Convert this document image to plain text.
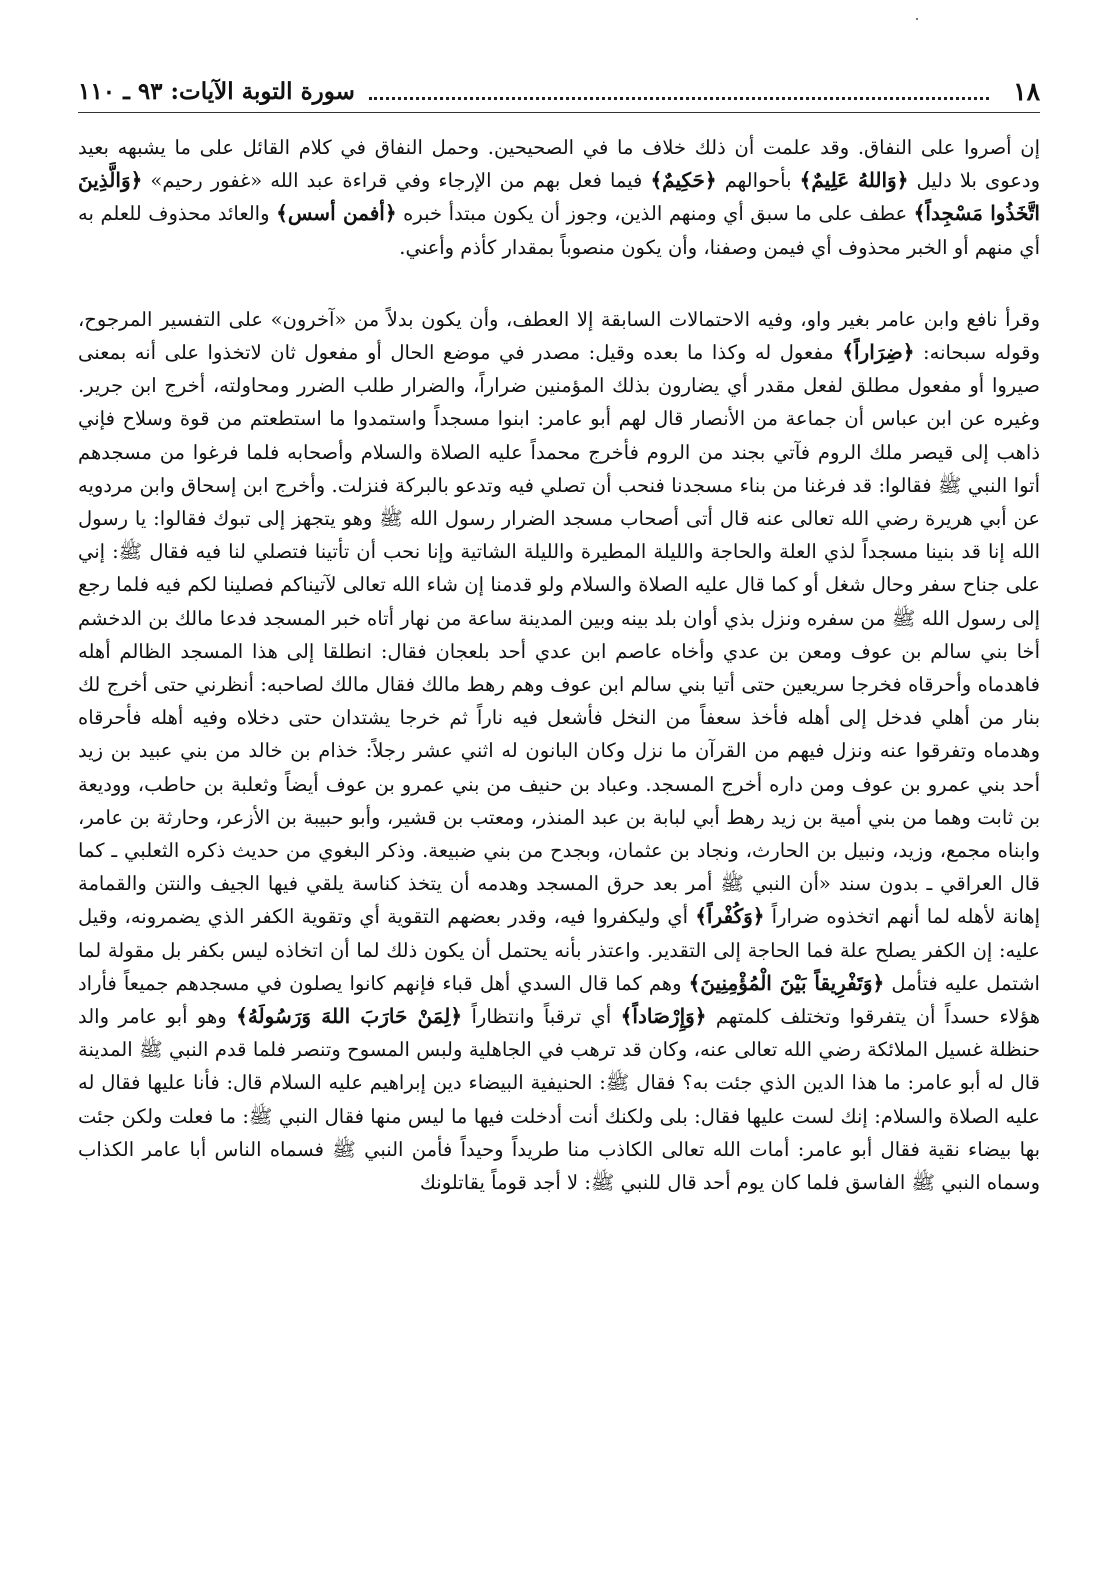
١٨
سورة التوبة الآيات: ٩٣ ـ ١١٠

إن أصروا على النفاق. وقد علمت أن ذلك خلاف ما في الصحيحين. وحمل النفاق في كلام القائل على ما يشبهه بعيد ودعوى بلا دليل ﴿وَاللهُ عَلِيمٌ﴾ بأحوالهم ﴿حَكِيمٌ﴾ فيما فعل بهم من الإرجاء وفي قراءة عبد الله «غفور رحيم» ﴿وَالَّذِينَ اتَّخَذُوا مَسْجِداً﴾ عطف على ما سبق أي ومنهم الذين، وجوز أن يكون مبتدأ خبره ﴿أفمن أسس﴾ والعائد محذوف للعلم به أي منهم أو الخبر محذوف أي فيمن وصفنا، وأن يكون منصوباً بمقدار كأذم وأعني.

وقرأ نافع وابن عامر بغير واو، وفيه الاحتمالات السابقة إلا العطف، وأن يكون بدلاً من «آخرون» على التفسير المرجوح، وقوله سبحانه: ﴿ضِرَاراً﴾ مفعول له وكذا ما بعده وقيل: مصدر في موضع الحال أو مفعول ثان لاتخذوا على أنه بمعنى صيروا أو مفعول مطلق لفعل مقدر أي يضارون بذلك المؤمنين ضراراً، والضرار طلب الضرر ومحاولته، أخرج ابن جرير. وغيره عن ابن عباس أن جماعة من الأنصار قال لهم أبو عامر: ابنوا مسجداً واستمدوا ما استطعتم من قوة وسلاح فإني ذاهب إلى قيصر ملك الروم فآتي بجند من الروم فأخرج محمداً عليه الصلاة والسلام وأصحابه فلما فرغوا من مسجدهم أتوا النبي ﷺ فقالوا: قد فرغنا من بناء مسجدنا فنحب أن تصلي فيه وتدعو بالبركة فنزلت. وأخرج ابن إسحاق وابن مردويه عن أبي هريرة رضي الله تعالى عنه قال أتى أصحاب مسجد الضرار رسول الله ﷺ وهو يتجهز إلى تبوك فقالوا: يا رسول الله إنا قد بنينا مسجداً لذي العلة والحاجة والليلة المطيرة والليلة الشاتية وإنا نحب أن تأتينا فتصلي لنا فيه فقال ﷺ: إني على جناح سفر وحال شغل أو كما قال عليه الصلاة والسلام ولو قدمنا إن شاء الله تعالى لآتيناكم فصلينا لكم فيه فلما رجع إلى رسول الله ﷺ من سفره ونزل بذي أوان بلد بينه وبين المدينة ساعة من نهار أتاه خبر المسجد فدعا مالك بن الدخشم أخا بني سالم بن عوف ومعن بن عدي وأخاه عاصم ابن عدي أحد بلعجان فقال: انطلقا إلى هذا المسجد الظالم أهله فاهدماه وأحرقاه فخرجا سريعين حتى أتيا بني سالم ابن عوف وهم رهط مالك فقال مالك لصاحبه: أنظرني حتى أخرج لك بنار من أهلي فدخل إلى أهله فأخذ سعفاً من النخل فأشعل فيه ناراً ثم خرجا يشتدان حتى دخلاه وفيه أهله فأحرقاه وهدماه وتفرقوا عنه ونزل فيهم من القرآن ما نزل وكان البانون له اثني عشر رجلاً: خذام بن خالد من بني عبيد بن زيد أحد بني عمرو بن عوف ومن داره أخرج المسجد. وعباد بن حنيف من بني عمرو بن عوف أيضاً وثعلبة بن حاطب، ووديعة بن ثابت وهما من بني أمية بن زيد رهط أبي لبابة بن عبد المنذر، ومعتب بن قشير، وأبو حبيبة بن الأزعر، وحارثة بن عامر، وابناه مجمع، وزيد، ونبيل بن الحارث، ونجاد بن عثمان، وبجدح من بني ضبيعة. وذكر البغوي من حديث ذكره الثعلبي ـ كما قال العراقي ـ بدون سند «أن النبي ﷺ أمر بعد حرق المسجد وهدمه أن يتخذ كناسة يلقي فيها الجيف والنتن والقمامة إهانة لأهله لما أنهم اتخذوه ضراراً ﴿وَكُفْراً﴾ أي وليكفروا فيه، وقدر بعضهم التقوية أي وتقوية الكفر الذي يضمرونه، وقيل عليه: إن الكفر يصلح علة فما الحاجة إلى التقدير. واعتذر بأنه يحتمل أن يكون ذلك لما أن اتخاذه ليس بكفر بل مقولة لما اشتمل عليه فتأمل ﴿وَتَفْرِيقاً بَيْنَ الْمُؤْمِنِينَ﴾ وهم كما قال السدي أهل قباء فإنهم كانوا يصلون في مسجدهم جميعاً فأراد هؤلاء حسداً أن يتفرقوا وتختلف كلمتهم ﴿وَإِرْصَاداً﴾ أي ترقباً وانتظاراً ﴿لِمَنْ حَارَبَ اللهَ وَرَسُولَهُ﴾ وهو أبو عامر والد حنظلة غسيل الملائكة رضي الله تعالى عنه، وكان قد ترهب في الجاهلية ولبس المسوح وتنصر فلما قدم النبي ﷺ المدينة قال له أبو عامر: ما هذا الدين الذي جئت به؟ فقال ﷺ: الحنيفية البيضاء دين إبراهيم عليه السلام قال: فأنا عليها فقال له عليه الصلاة والسلام: إنك لست عليها فقال: بلى ولكنك أنت أدخلت فيها ما ليس منها فقال النبي ﷺ: ما فعلت ولكن جئت بها بيضاء نقية فقال أبو عامر: أمات الله تعالى الكاذب منا طريداً وحيداً فأمن النبي ﷺ فسماه الناس أبا عامر الكذاب وسماه النبي ﷺ الفاسق فلما كان يوم أحد قال للنبي ﷺ: لا أجد قوماً يقاتلونك
